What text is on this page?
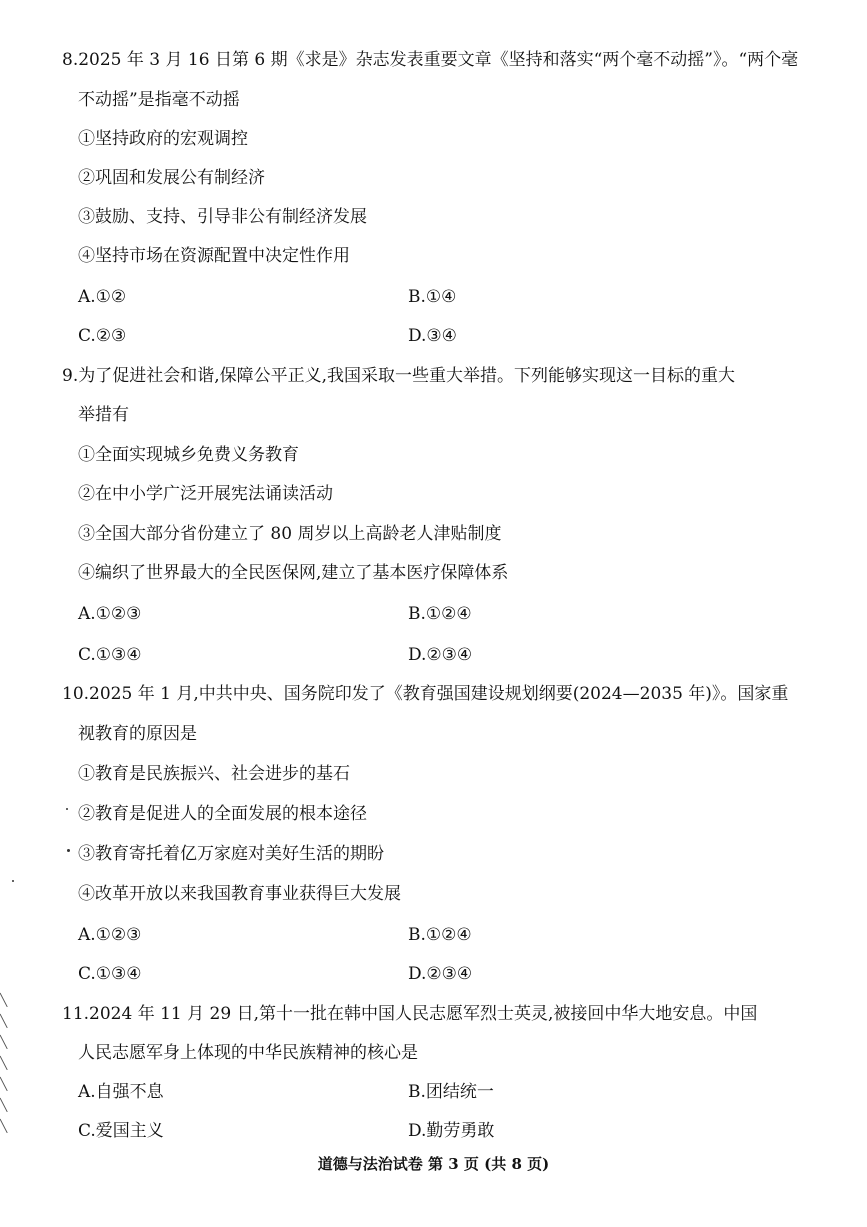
8.2025 年 3 月 16 日第 6 期《求是》杂志发表重要文章《坚持和落实“两个毫不动摇”》。“两个毫
不动摇”是指毫不动摇
①坚持政府的宏观调控
②巩固和发展公有制经济
③鼓励、支持、引导非公有制经济发展
④坚持市场在资源配置中决定性作用
A.①②	B.①④
C.②③	D.③④
9.为了促进社会和谐,保障公平正义,我国采取一些重大举措。下列能够实现这一目标的重大
举措有
①全面实现城乡免费义务教育
②在中小学广泛开展宪法诵读活动
③全国大部分省份建立了 80 周岁以上高龄老人津贴制度
④编织了世界最大的全民医保网,建立了基本医疗保障体系
A.①②③	B.①②④
C.①③④	D.②③④
10.2025 年 1 月,中共中央、国务院印发了《教育强国建设规划纲要(2024—2035 年)》。国家重
视教育的原因是
①教育是民族振兴、社会进步的基石
②教育是促进人的全面发展的根本途径
③教育寄托着亿万家庭对美好生活的期盼
④改革开放以来我国教育事业获得巨大发展
A.①②③	B.①②④
C.①③④	D.②③④
11.2024 年 11 月 29 日,第十一批在韩中国人民志愿军烈士英灵,被接回中华大地安息。中国
人民志愿军身上体现的中华民族精神的核心是
A.自强不息	B.团结统一
C.爱国主义	D.勤劳勇敢
道德与法治试卷 第 3 页 (共 8 页)
╲
╲
╲
╲
╲
╲
╲
